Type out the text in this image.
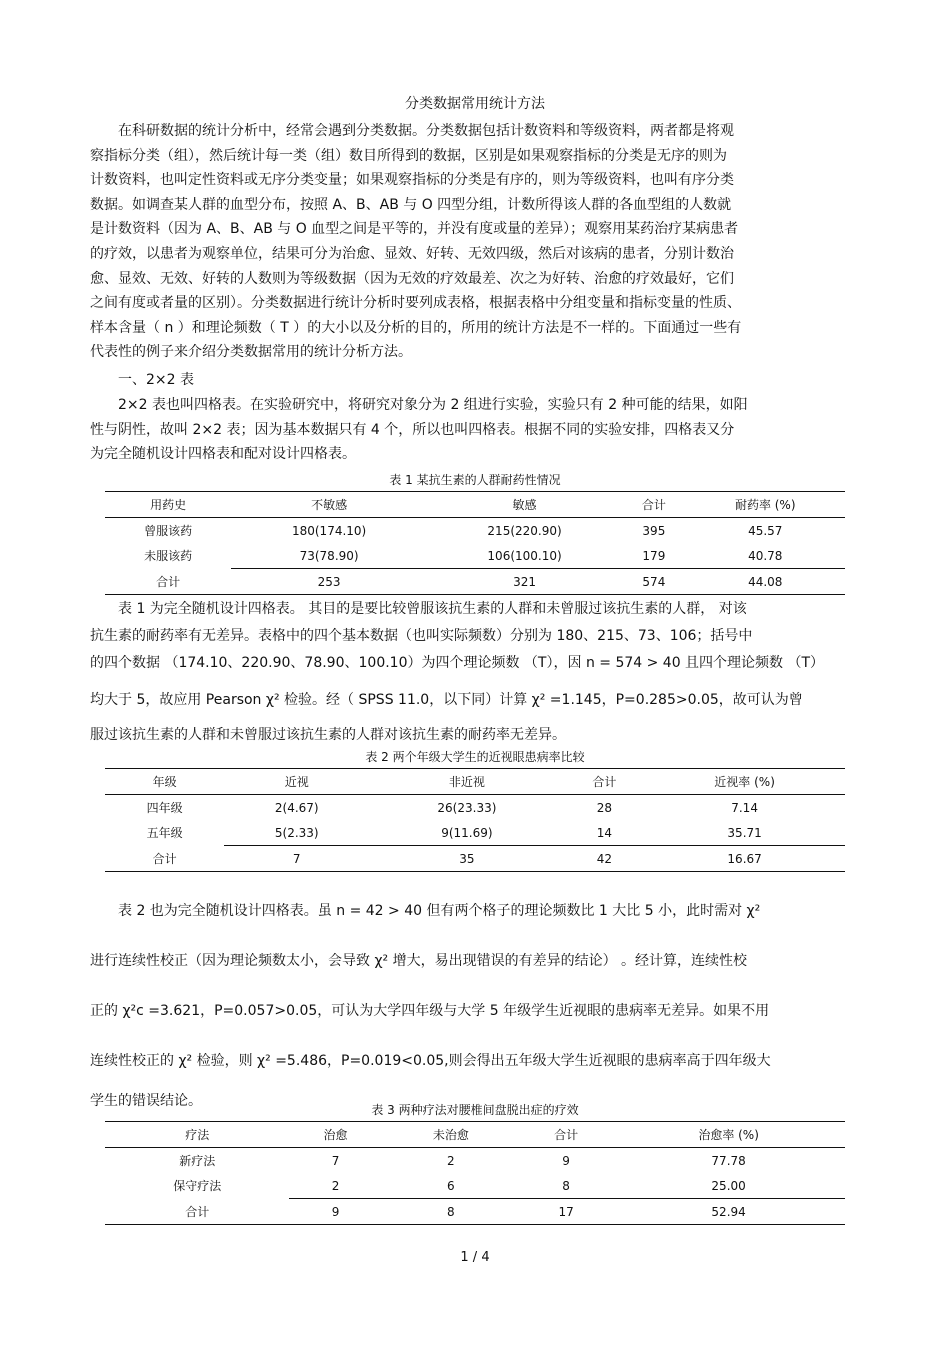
分类数据常用统计方法
　　在科研数据的统计分析中，经常会遇到分类数据。分类数据包括计数资料和等级资料，两者都是将观
察指标分类（组），然后统计每一类（组）数目所得到的数据，区别是如果观察指标的分类是无序的则为
计数资料，也叫定性资料或无序分类变量；如果观察指标的分类是有序的，则为等级资料，也叫有序分类
数据。如调查某人群的血型分布，按照 A、B、AB 与 O 四型分组，计数所得该人群的各血型组的人数就
是计数资料（因为 A、B、AB 与 O 血型之间是平等的，并没有度或量的差异）；观察用某药治疗某病患者
的疗效，以患者为观察单位，结果可分为治愈、显效、好转、无效四级，然后对该病的患者，分别计数治
愈、显效、无效、好转的人数则为等级数据（因为无效的疗效最差、次之为好转、治愈的疗效最好，它们
之间有度或者量的区别）。分类数据进行统计分析时要列成表格，根据表格中分组变量和指标变量的性质、
样本含量（ n ）和理论频数（ T ）的大小以及分析的目的，所用的统计方法是不一样的。下面通过一些有
代表性的例子来介绍分类数据常用的统计分析方法。
　　一、2×2 表
　　2×2 表也叫四格表。在实验研究中，将研究对象分为 2 组进行实验，实验只有 2 种可能的结果，如阳
性与阴性，故叫 2×2 表；因为基本数据只有 4 个，所以也叫四格表。根据不同的实验安排，四格表又分
为完全随机设计四格表和配对设计四格表。
表 1 某抗生素的人群耐药性情况
用药史	不敏感	敏感	合计	耐药率 (%)
曾服该药	180(174.10)	215(220.90)	395	45.57
未服该药	73(78.90)	106(100.10)	179	40.78
合计	253	321	574	44.08
　　表 1 为完全随机设计四格表。 其目的是要比较曾服该抗生素的人群和未曾服过该抗生素的人群， 对该
抗生素的耐药率有无差异。表格中的四个基本数据（也叫实际频数）分别为 180、215、73、106；括号中
的四个数据 （174.10、220.90、78.90、100.10）为四个理论频数 （T），因 n = 574 > 40 且四个理论频数 （T）
均大于 5，故应用 Pearson χ² 检验。经（ SPSS 11.0，以下同）计算 χ² =1.145，P=0.285>0.05，故可认为曾
服过该抗生素的人群和未曾服过该抗生素的人群对该抗生素的耐药率无差异。
表 2 两个年级大学生的近视眼患病率比较
年级	近视	非近视	合计	近视率 (%)
四年级	2(4.67)	26(23.33)	28	7.14
五年级	5(2.33)	9(11.69)	14	35.71
合计	7	35	42	16.67
　　表 2 也为完全随机设计四格表。虽 n = 42 > 40 但有两个格子的理论频数比 1 大比 5 小，此时需对 χ²
进行连续性校正（因为理论频数太小，会导致 χ² 增大，易出现错误的有差异的结论） 。经计算，连续性校
正的 χ²c =3.621，P=0.057>0.05，可认为大学四年级与大学 5 年级学生近视眼的患病率无差异。如果不用
连续性校正的 χ² 检验，则 χ² =5.486，P=0.019<0.05,则会得出五年级大学生近视眼的患病率高于四年级大
学生的错误结论。
表 3 两种疗法对腰椎间盘脱出症的疗效
疗法	治愈	未治愈	合计	治愈率 (%)
新疗法	7	2	9	77.78
保守疗法	2	6	8	25.00
合计	9	8	17	52.94
1 / 4
